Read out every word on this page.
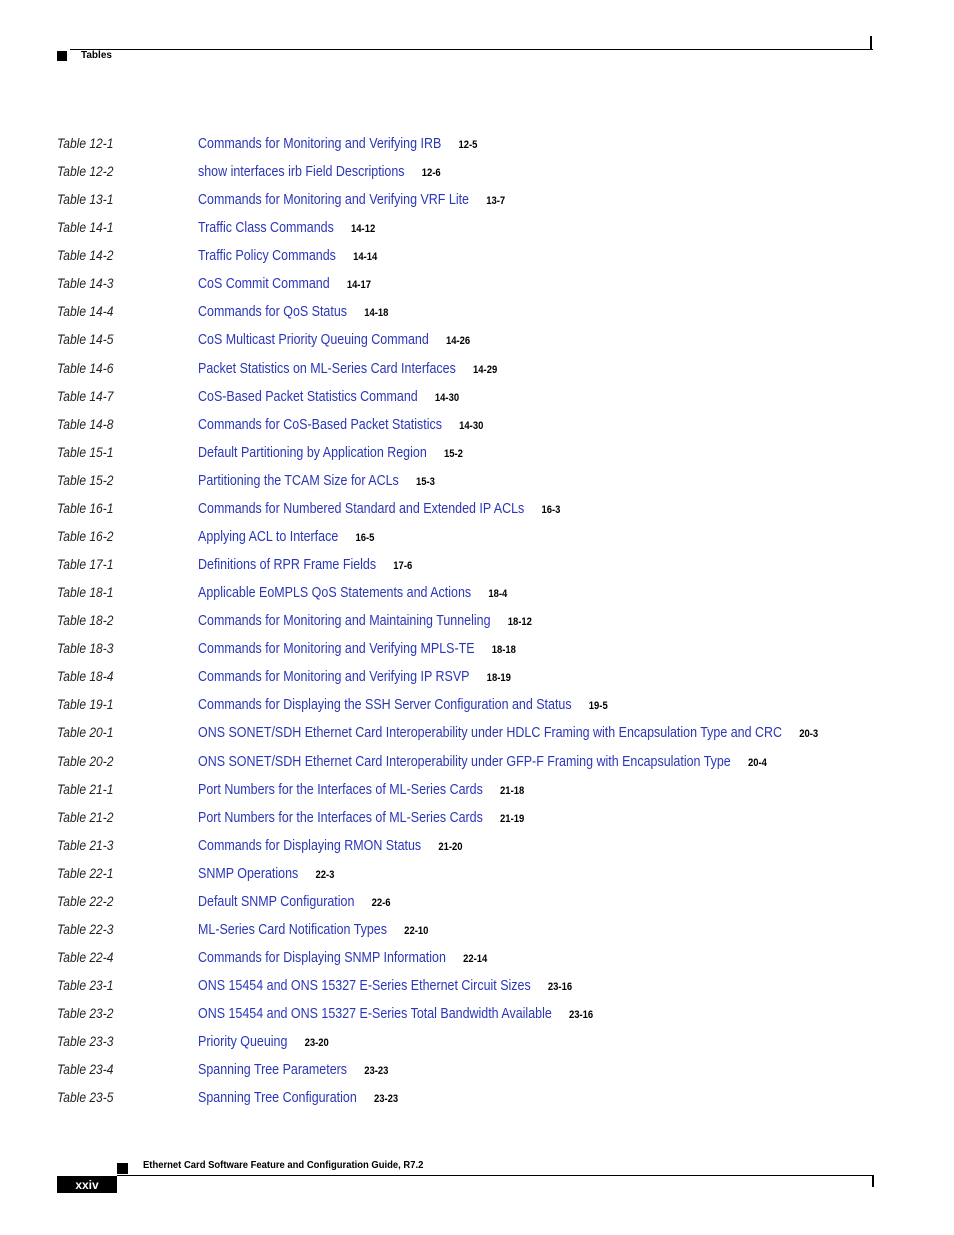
Tables
Table 12-1	Commands for Monitoring and Verifying IRB 12-5
Table 12-2	show interfaces irb Field Descriptions 12-6
Table 13-1	Commands for Monitoring and Verifying VRF Lite 13-7
Table 14-1	Traffic Class Commands 14-12
Table 14-2	Traffic Policy Commands 14-14
Table 14-3	CoS Commit Command 14-17
Table 14-4	Commands for QoS Status 14-18
Table 14-5	CoS Multicast Priority Queuing Command 14-26
Table 14-6	Packet Statistics on ML-Series Card Interfaces 14-29
Table 14-7	CoS-Based Packet Statistics Command 14-30
Table 14-8	Commands for CoS-Based Packet Statistics 14-30
Table 15-1	Default Partitioning by Application Region 15-2
Table 15-2	Partitioning the TCAM Size for ACLs 15-3
Table 16-1	Commands for Numbered Standard and Extended IP ACLs 16-3
Table 16-2	Applying ACL to Interface 16-5
Table 17-1	Definitions of RPR Frame Fields 17-6
Table 18-1	Applicable EoMPLS QoS Statements and Actions 18-4
Table 18-2	Commands for Monitoring and Maintaining Tunneling 18-12
Table 18-3	Commands for Monitoring and Verifying MPLS-TE 18-18
Table 18-4	Commands for Monitoring and Verifying IP RSVP 18-19
Table 19-1	Commands for Displaying the SSH Server Configuration and Status 19-5
Table 20-1	ONS SONET/SDH Ethernet Card Interoperability under HDLC Framing with Encapsulation Type and CRC 20-3
Table 20-2	ONS SONET/SDH Ethernet Card Interoperability under GFP-F Framing with Encapsulation Type 20-4
Table 21-1	Port Numbers for the Interfaces of ML-Series Cards 21-18
Table 21-2	Port Numbers for the Interfaces of ML-Series Cards 21-19
Table 21-3	Commands for Displaying RMON Status 21-20
Table 22-1	SNMP Operations 22-3
Table 22-2	Default SNMP Configuration 22-6
Table 22-3	ML-Series Card Notification Types 22-10
Table 22-4	Commands for Displaying SNMP Information 22-14
Table 23-1	ONS 15454 and ONS 15327 E-Series Ethernet Circuit Sizes 23-16
Table 23-2	ONS 15454 and ONS 15327 E-Series Total Bandwidth Available 23-16
Table 23-3	Priority Queuing 23-20
Table 23-4	Spanning Tree Parameters 23-23
Table 23-5	Spanning Tree Configuration 23-23
Ethernet Card Software Feature and Configuration Guide, R7.2
xxiv
